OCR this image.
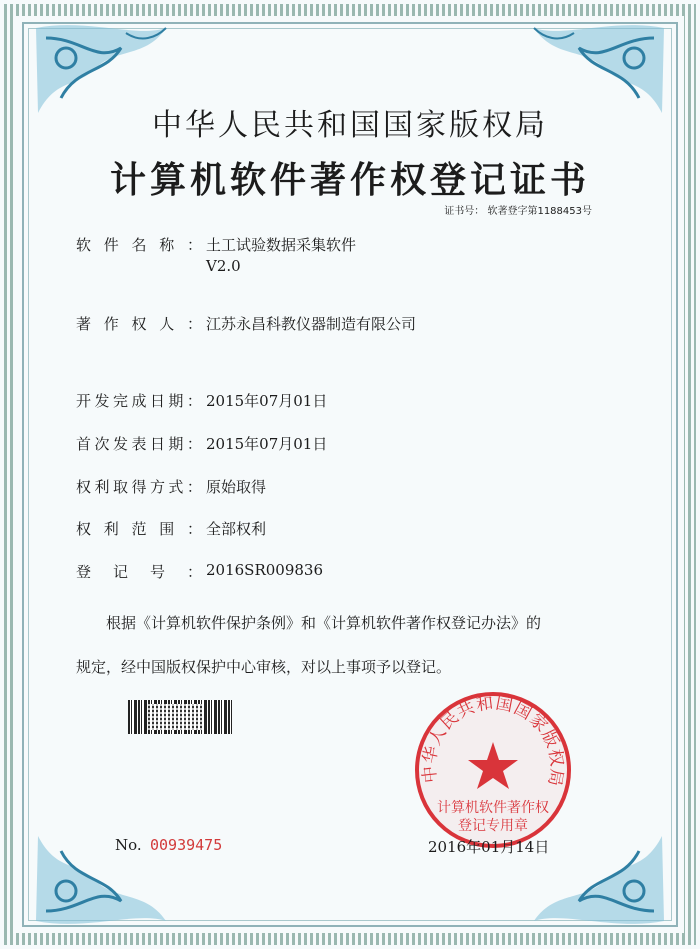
中华人民共和国国家版权局
计算机软件著作权登记证书
证书号： 软著登字第1188453号
软 件 名 称 ： 土工试验数据采集软件
V2.0
著 作 权 人 ： 江苏永昌科教仪器制造有限公司
开 发 完 成 日 期 ： 2015年07月01日
首 次 发 表 日 期 ： 2015年07月01日
权 利 取 得 方 式 ： 原始取得
权 利 范 围 ： 全部权利
登 记 号 ： 2016SR009836
根据《计算机软件保护条例》和《计算机软件著作权登记办法》的
规定，经中国版权保护中心审核，对以上事项予以登记。
中华人民共和国国家版权局
计算机软件著作权
登记专用章
No. 00939475	2016年01月14日
